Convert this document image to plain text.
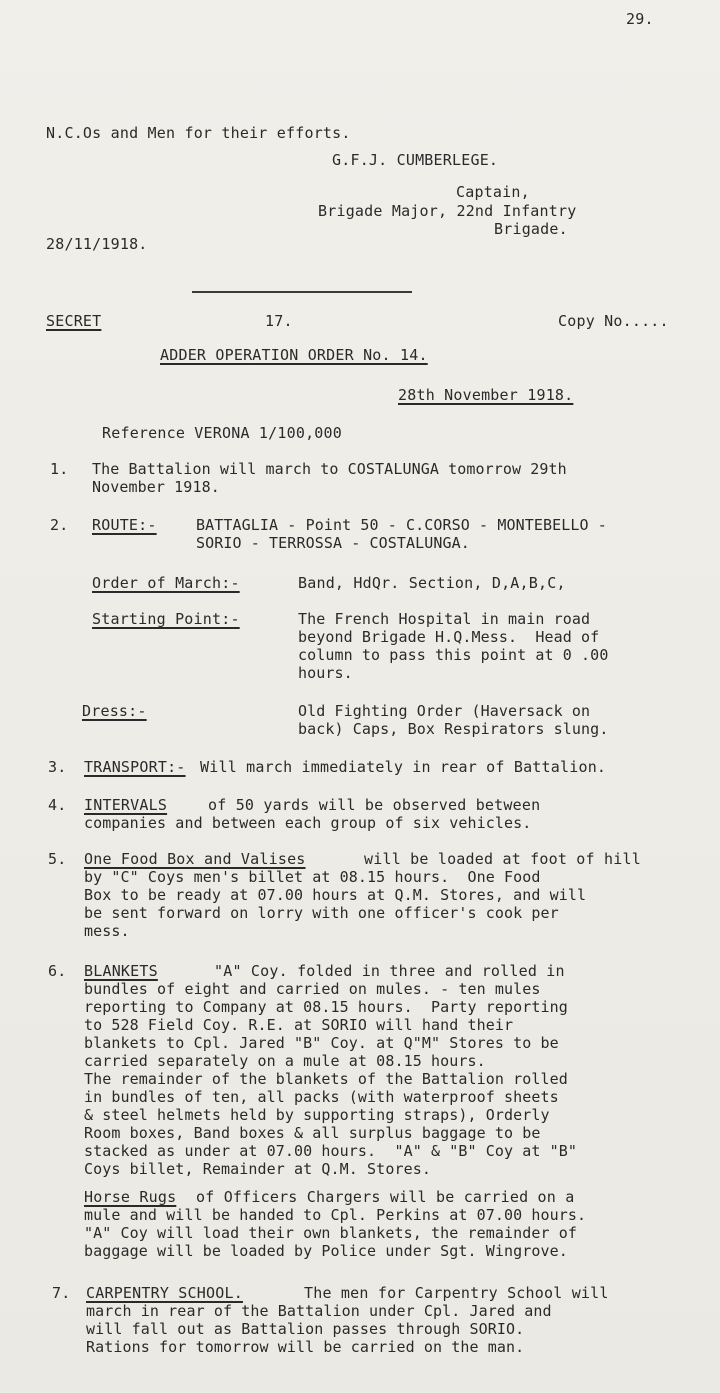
29.
N.C.Os and Men for their efforts.
G.F.J. CUMBERLEGE.
Captain,
Brigade Major, 22nd Infantry
Brigade.
28/11/1918.
SECRET	17.	Copy No.....
ADDER OPERATION ORDER No. 14.
28th November 1918.
Reference VERONA 1/100,000
1. The Battalion will march to COSTALUNGA tomorrow 29th
November 1918.
2. ROUTE:-	BATTAGLIA - Point 50 - C.CORSO - MONTEBELLO -
SORIO - TERROSSA - COSTALUNGA.
Order of March:-	Band, HdQr. Section, D,A,B,C,
Starting Point:-	The French Hospital in main road
beyond Brigade H.Q.Mess.  Head of
column to pass this point at 0 .00
hours.
Dress:-	Old Fighting Order (Haversack on
back) Caps, Box Respirators slung.
3. TRANSPORT:- Will march immediately in rear of Battalion.
4. INTERVALS	of 50 yards will be observed between
companies and between each group of six vehicles.
5. One Food Box and Valises	will be loaded at foot of hill
by "C" Coys men's billet at 08.15 hours.  One Food
Box to be ready at 07.00 hours at Q.M. Stores, and will
be sent forward on lorry with one officer's cook per
mess.
6. BLANKETS	"A" Coy. folded in three and rolled in
bundles of eight and carried on mules. - ten mules
reporting to Company at 08.15 hours.  Party reporting
to 528 Field Coy. R.E. at SORIO will hand their
blankets to Cpl. Jared "B" Coy. at Q"M" Stores to be
carried separately on a mule at 08.15 hours.
The remainder of the blankets of the Battalion rolled
in bundles of ten, all packs (with waterproof sheets
& steel helmets held by supporting straps), Orderly
Room boxes, Band boxes & all surplus baggage to be
stacked as under at 07.00 hours.  "A" & "B" Coy at "B"
Coys billet, Remainder at Q.M. Stores.
Horse Rugs of Officers Chargers will be carried on a
mule and will be handed to Cpl. Perkins at 07.00 hours.
"A" Coy will load their own blankets, the remainder of
baggage will be loaded by Police under Sgt. Wingrove.
7. CARPENTRY SCHOOL.	The men for Carpentry School will
march in rear of the Battalion under Cpl. Jared and
will fall out as Battalion passes through SORIO.
Rations for tomorrow will be carried on the man.
